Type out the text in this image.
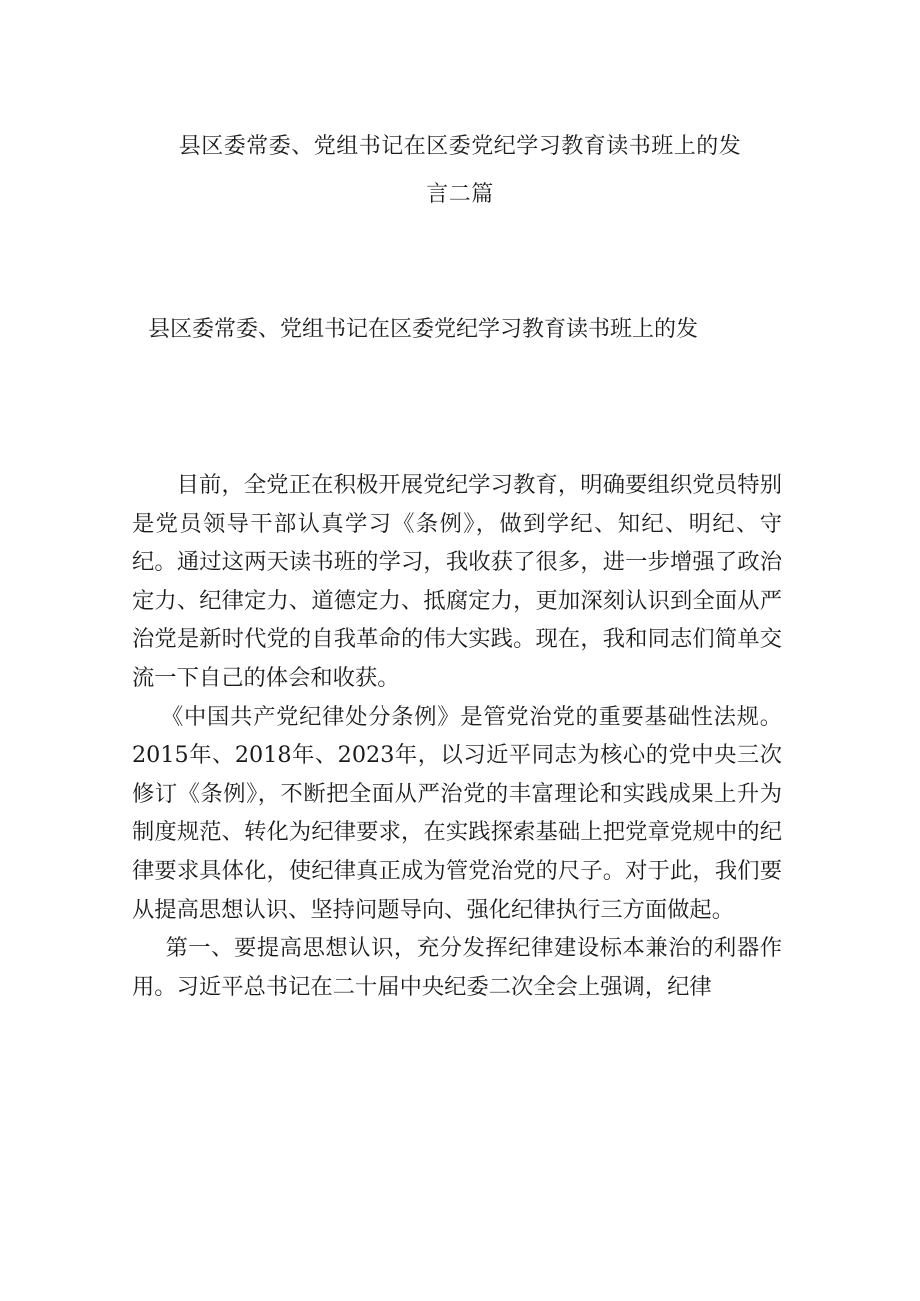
县区委常委、党组书记在区委党纪学习教育读书班上的发
言二篇
县区委常委、党组书记在区委党纪学习教育读书班上的发

目前，全党正在积极开展党纪学习教育，明确要组织党员特别是党员领导干部认真学习《条例》，做到学纪、知纪、明纪、守纪。通过这两天读书班的学习，我收获了很多，进一步增强了政治定力、纪律定力、道德定力、抵腐定力，更加深刻认识到全面从严治党是新时代党的自我革命的伟大实践。现在，我和同志们简单交流一下自己的体会和收获。

《中国共产党纪律处分条例》是管党治党的重要基础性法规。2015年、2018年、2023年，以习近平同志为核心的党中央三次修订《条例》，不断把全面从严治党的丰富理论和实践成果上升为制度规范、转化为纪律要求，在实践探索基础上把党章党规中的纪律要求具体化，使纪律真正成为管党治党的尺子。对于此，我们要从提高思想认识、坚持问题导向、强化纪律执行三方面做起。

第一、要提高思想认识，充分发挥纪律建设标本兼治的利器作用。习近平总书记在二十届中央纪委二次全会上强调，纪律
